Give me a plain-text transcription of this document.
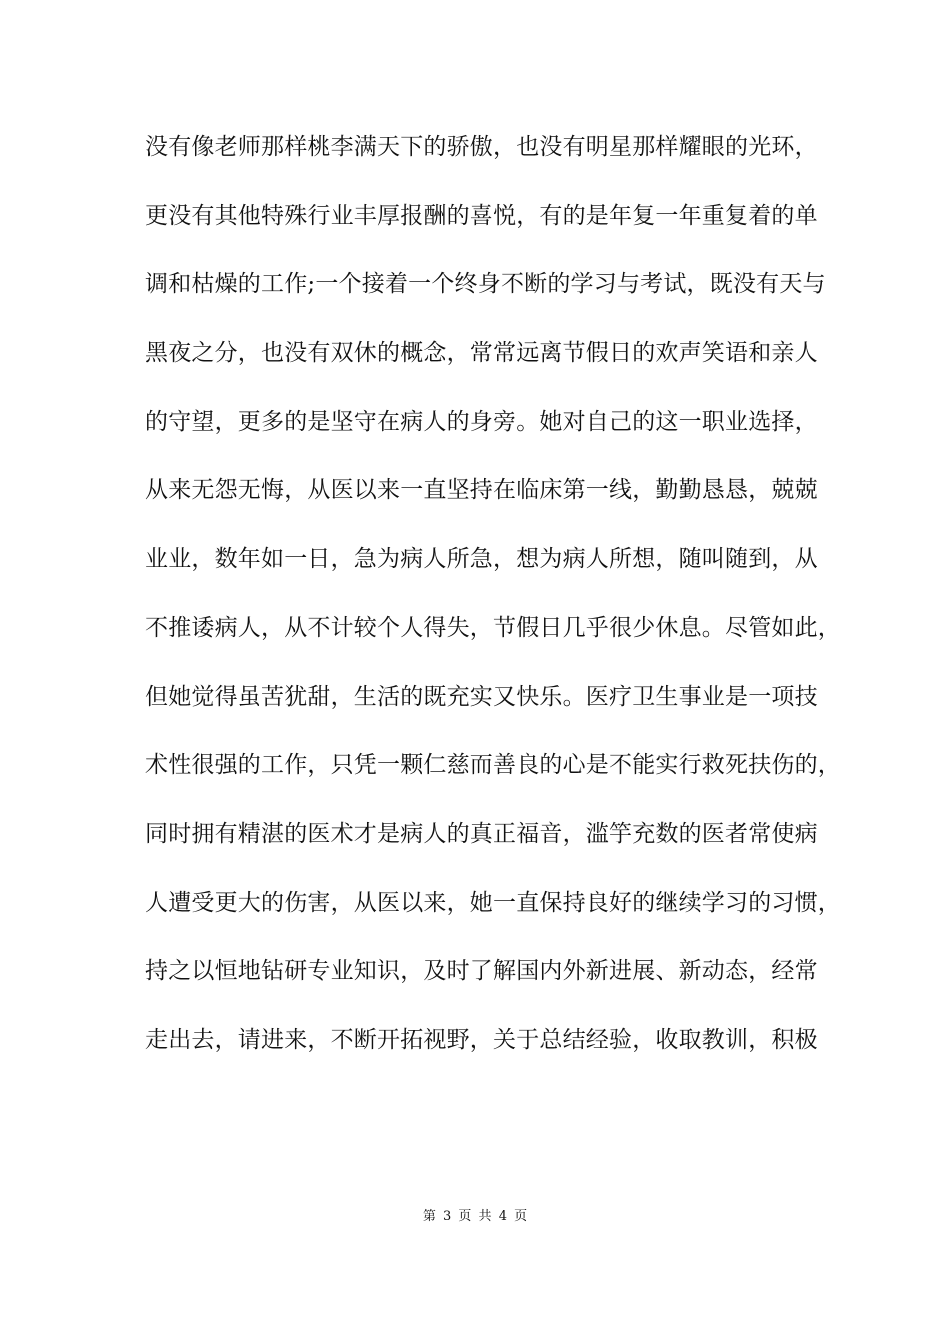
没有像老师那样桃李满天下的骄傲，也没有明星那样耀眼的光环，
更没有其他特殊行业丰厚报酬的喜悦，有的是年复一年重复着的单
调和枯燥的工作;一个接着一个终身不断的学习与考试，既没有天与
黑夜之分，也没有双休的概念，常常远离节假日的欢声笑语和亲人
的守望，更多的是坚守在病人的身旁。她对自己的这一职业选择，
从来无怨无悔，从医以来一直坚持在临床第一线，勤勤恳恳，兢兢
业业，数年如一日，急为病人所急，想为病人所想，随叫随到，从
不推诿病人，从不计较个人得失，节假日几乎很少休息。尽管如此，
但她觉得虽苦犹甜，生活的既充实又快乐。医疗卫生事业是一项技
术性很强的工作，只凭一颗仁慈而善良的心是不能实行救死扶伤的，
同时拥有精湛的医术才是病人的真正福音，滥竽充数的医者常使病
人遭受更大的伤害，从医以来，她一直保持良好的继续学习的习惯，
持之以恒地钻研专业知识，及时了解国内外新进展、新动态，经常
走出去，请进来，不断开拓视野，关于总结经验，收取教训，积极
第 3 页 共 4 页
